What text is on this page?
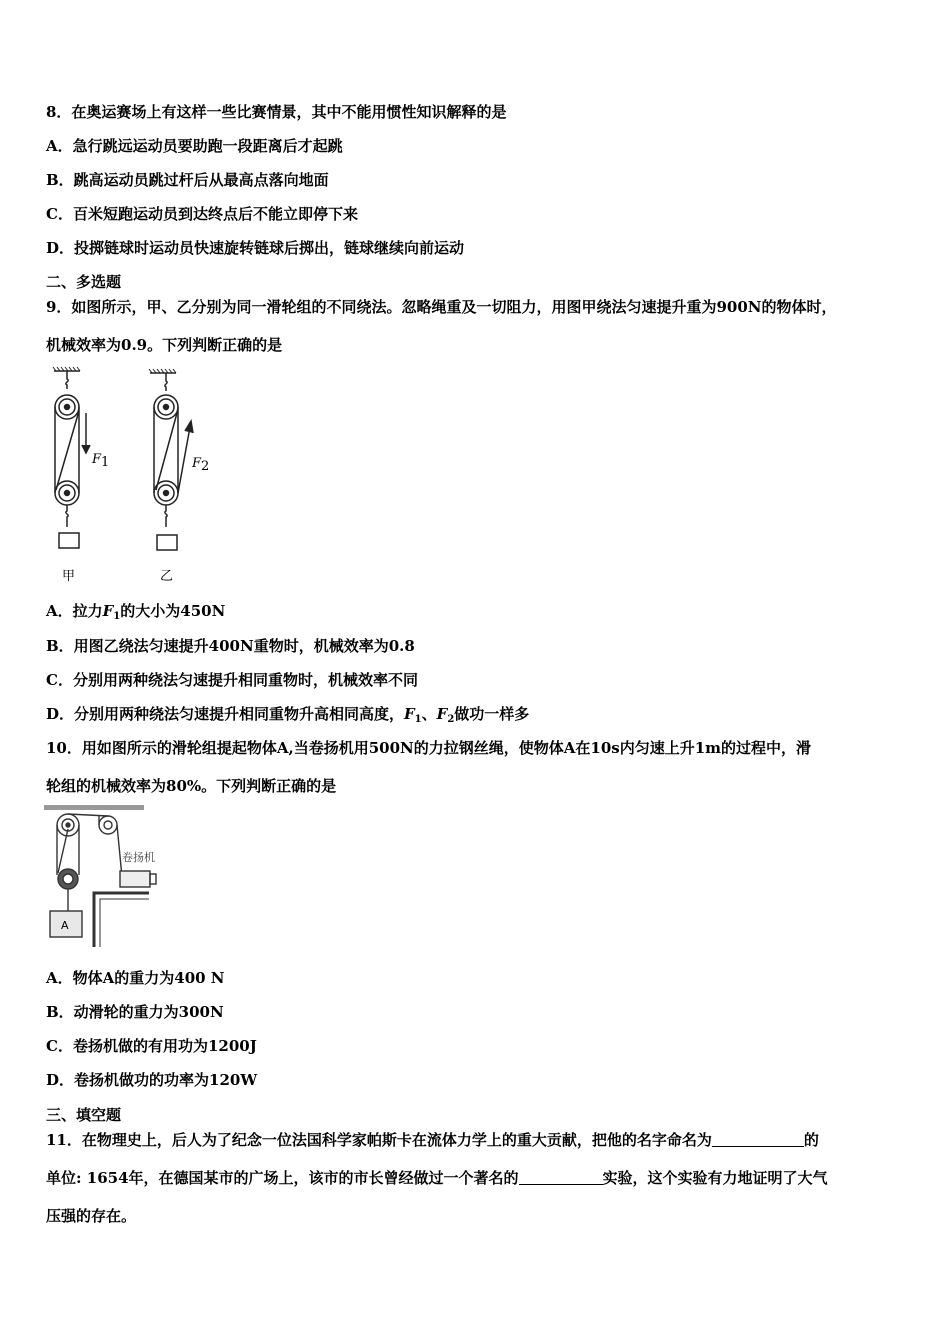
8．在奥运赛场上有这样一些比赛情景，其中不能用惯性知识解释的是
A．急行跳远运动员要助跑一段距离后才起跳
B．跳高运动员跳过杆后从最高点落向地面
C．百米短跑运动员到达终点后不能立即停下来
D．投掷链球时运动员快速旋转链球后掷出，链球继续向前运动
二、多选题
9．如图所示，甲、乙分别为同一滑轮组的不同绕法。忽略绳重及一切阻力，用图甲绕法匀速提升重为900N的物体时，
机械效率为0.9。下列判断正确的是
F 1	F 2
甲	乙
A．拉力$F_1$的大小为450N
B．用图乙绕法匀速提升400N重物时，机械效率为0.8
C．分别用两种绕法匀速提升相同重物时，机械效率不同
D．分别用两种绕法匀速提升相同重物升高相同高度，$F_1$、$F_2$做功一样多
10．用如图所示的滑轮组提起物体A,当卷扬机用500N的力拉钢丝绳，使物体A在10s内匀速上升1m的过程中，滑
轮组的机械效率为80%。下列判断正确的是
A
卷扬机
A．物体A的重力为400 N
B．动滑轮的重力为300N
C．卷扬机做的有用功为1200J
D．卷扬机做功的功率为120W
三、填空题
11．在物理史上，后人为了纪念一位法国科学家帕斯卡在流体力学上的重大贡献，把他的名字命名为	的
单位: 1654年，在德国某市的广场上，该市的市长曾经做过一个著名的	实验，这个实验有力地证明了大气
压强的存在。
